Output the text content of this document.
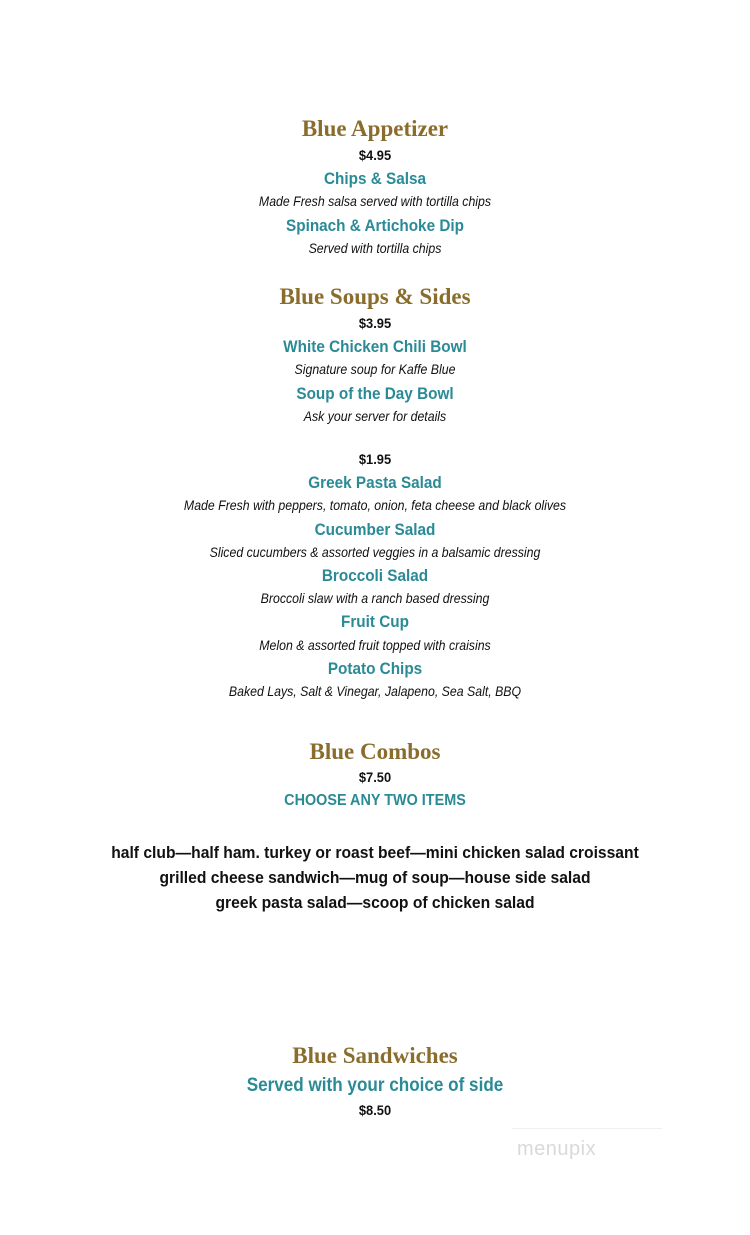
Blue Appetizer
$4.95
Chips & Salsa
Made Fresh salsa served with tortilla chips
Spinach & Artichoke Dip
Served with tortilla chips
Blue Soups & Sides
$3.95
White Chicken Chili Bowl
Signature soup for Kaffe Blue
Soup of the Day Bowl
Ask your server for details
$1.95
Greek Pasta Salad
Made Fresh with peppers, tomato, onion, feta cheese and black olives
Cucumber Salad
Sliced cucumbers & assorted veggies in a balsamic dressing
Broccoli Salad
Broccoli slaw with a ranch based dressing
Fruit Cup
Melon & assorted fruit topped with craisins
Potato Chips
Baked Lays, Salt & Vinegar, Jalapeno, Sea Salt, BBQ
Blue Combos
$7.50
CHOOSE ANY TWO ITEMS
half club—half ham. turkey or roast beef—mini chicken salad croissant
grilled cheese sandwich—mug of soup—house side salad
greek pasta salad—scoop of chicken salad
Blue Sandwiches
Served with your choice of side
$8.50
menupix
